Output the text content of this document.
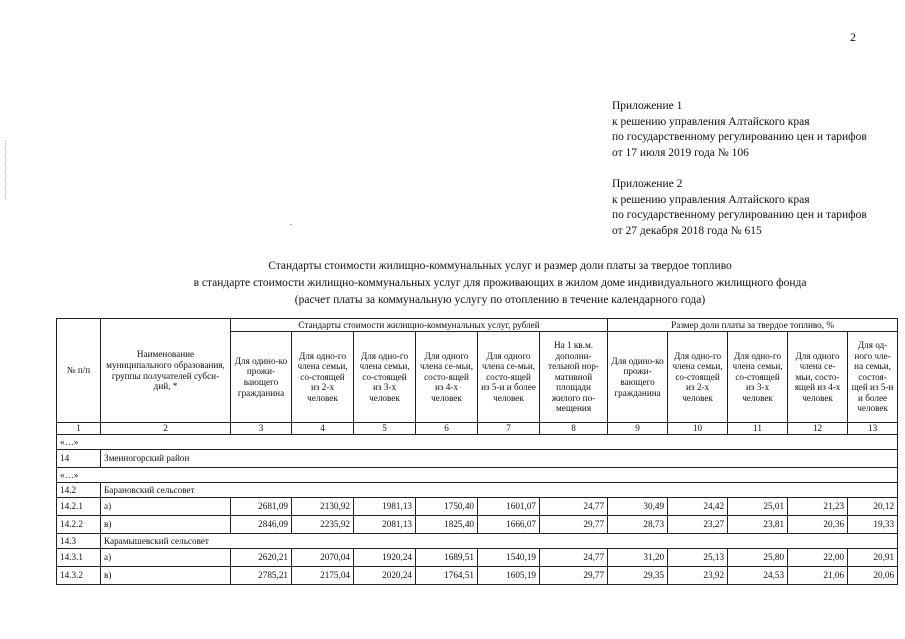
2
Приложение 1
к решению управления Алтайского края
по государственному регулированию цен и тарифов
от 17 июля 2019 года № 106
.
Приложение 2
к решению управления Алтайского края
по государственному регулированию цен и тарифов
от 27 декабря 2018 года № 615
Стандарты стоимости жилищно-коммунальных услуг и размер доли платы за твердое топливо
в стандарте стоимости жилищно-коммунальных услуг для проживающих в жилом доме индивидуального жилищного фонда
(расчет платы за коммунальную услугу по отоплению в течение календарного года)
№ п/п	Наименование муниципального образования, группы получателей субси-дий, *	Стандарты стоимости жилищно-коммунальных услуг, рублей						Размер доли платы за твердое топливо, %				
		Для одино-ко прожи-вающего гражданина	Для одно-го члена семьи, со-стоящей из 2-х человек	Для одно-го члена семьи, со-стоящей из 3-х человек	Для одного члена се-мьи, состо-ящей из 4-х человек	Для одного члена се-мьи, состо-ящей из 5-и и более человек	На 1 кв.м. дополни-тельной нор-мативной площади жилого по-мещения	Для одино-ко прожи-вающего гражданина	Для одно-го члена семьи, со-стоящей из 2-х человек	Для одно-го члена семьи, со-стоящей из 3-х человек	Для одного члена се-мьи, состо-ящей из 4-х человек	Для од-ного чле-на семьи, состоя-щей из 5-и и более человек
1	2	3	4	5	6	7	8	9	10	11	12	13
«…»												
14	Змеиногорский район											
«…»												
14.2	Барановский сельсовет											
14.2.1	а)	2681,09	2130,92	1981,13	1750,40	1601,07	24,77	30,49	24,42	25,01	21,23	20,12
14.2.2	в)	2846,09	2235,92	2081,13	1825,40	1666,07	29,77	28,73	23,27	23,81	20,36	19,33
14.3	Карамышевский сельсовет											
14.3.1	а)	2620,21	2070,04	1920,24	1689,51	1540,19	24,77	31,20	25,13	25,80	22,00	20,91
14.3.2	в)	2785,21	2175,04	2020,24	1764,51	1605,19	29,77	29,35	23,92	24,53	21,06	20,06
